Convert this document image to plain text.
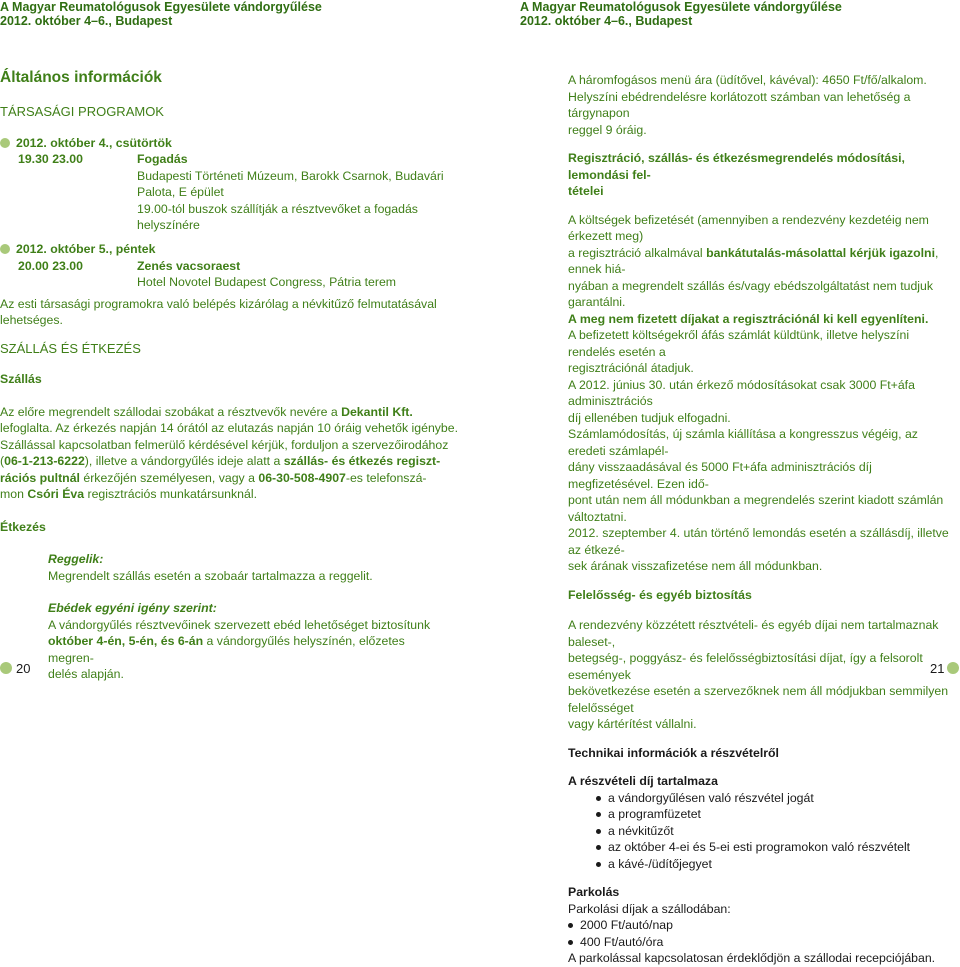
A Magyar Reumatológusok Egyesülete vándorgyűlése
2012. október 4–6., Budapest
A Magyar Reumatológusok Egyesülete vándorgyűlése
2012. október 4–6., Budapest
Általános információk
TÁRSASÁGI PROGRAMOK
2012. október 4., csütörtök
19.30 23.00	Fogadás
Budapesti Történeti Múzeum, Barokk Csarnok, Budavári
Palota, E épület
19.00-tól buszok szállítják a résztvevőket a fogadás
helyszínére
2012. október 5., péntek
20.00 23.00	Zenés vacsoraest
Hotel Novotel Budapest Congress, Pátria terem
Az esti társasági programokra való belépés kizárólag a névkitűző felmutatásával
lehetséges.
SZÁLLÁS ÉS ÉTKEZÉS
Szállás
Az előre megrendelt szállodai szobákat a résztvevők nevére a Dekantil Kft.
lefoglalta. Az érkezés napján 14 órától az elutazás napján 10 óráig vehetők igénybe.
Szállással kapcsolatban felmerülő kérdésével kérjük, forduljon a szervezőirodához
(06-1-213-6222), illetve a vándorgyűlés ideje alatt a szállás- és étkezés regiszt-
rációs pultnál érkezőjén személyesen, vagy a 06-30-508-4907-es telefonszá-
mon Csóri Éva regisztrációs munkatársunknál.
Étkezés
Reggelik:
Megrendelt szállás esetén a szobaár tartalmazza a reggelit.
Ebédek egyéni igény szerint:
A vándorgyűlés résztvevőinek szervezett ebéd lehetőséget biztosítunk
október 4-én, 5-én, és 6-án a vándorgyűlés helyszínén, előzetes megren-
delés alapján.
20
A háromfogásos menü ára (üdítővel, kávéval): 4650 Ft/fő/alkalom.
Helyszíni ebédrendelésre korlátozott számban van lehetőség a tárgynapon
reggel 9 óráig.
Regisztráció, szállás- és étkezésmegrendelés módosítási, lemondási fel-
tételei
A költségek befizetését (amennyiben a rendezvény kezdetéig nem érkezett meg)
a regisztráció alkalmával bankátutalás-másolattal kérjük igazolni, ennek hiá-
nyában a megrendelt szállás és/vagy ebédszolgáltatást nem tudjuk garantálni.
A meg nem fizetett díjakat a regisztrációnál ki kell egyenlíteni.
A befizetett költségekről áfás számlát küldtünk, illetve helyszíni rendelés esetén a
regisztrációnál átadjuk.
A 2012. június 30. után érkező módosításokat csak 3000 Ft+áfa adminisztrációs
díj ellenében tudjuk elfogadni.
Számlamódosítás, új számla kiállítása a kongresszus végéig, az eredeti számlapél-
dány visszaadásával és 5000 Ft+áfa adminisztrációs díj megfizetésével. Ezen idő-
pont után nem áll módunkban a megrendelés szerint kiadott számlán változtatni.
2012. szeptember 4. után történő lemondás esetén a szállásdíj, illetve az étkezé-
sek árának visszafizetése nem áll módunkban.
Felelősség- és egyéb biztosítás
A rendezvény közzétett résztvételi- és egyéb díjai nem tartalmaznak baleset-,
betegség-, poggyász- és felelősségbiztosítási díjat, így a felsorolt események
bekövetkezése esetén a szervezőknek nem áll módjukban semmilyen felelősséget
vagy kártérítést vállalni.
Technikai információk a részvételről
A részvételi díj tartalmaza
a vándorgyűlésen való részvétel jogát
a programfüzetet
a névkitűzőt
az október 4-ei és 5-ei esti programokon való részvételt
a kávé-/üdítőjegyet
Parkolás
Parkolási díjak a szállodában:
2000 Ft/autó/nap
400 Ft/autó/óra
A parkolással kapcsolatosan érdeklődjön a szállodai recepciójában.
21
